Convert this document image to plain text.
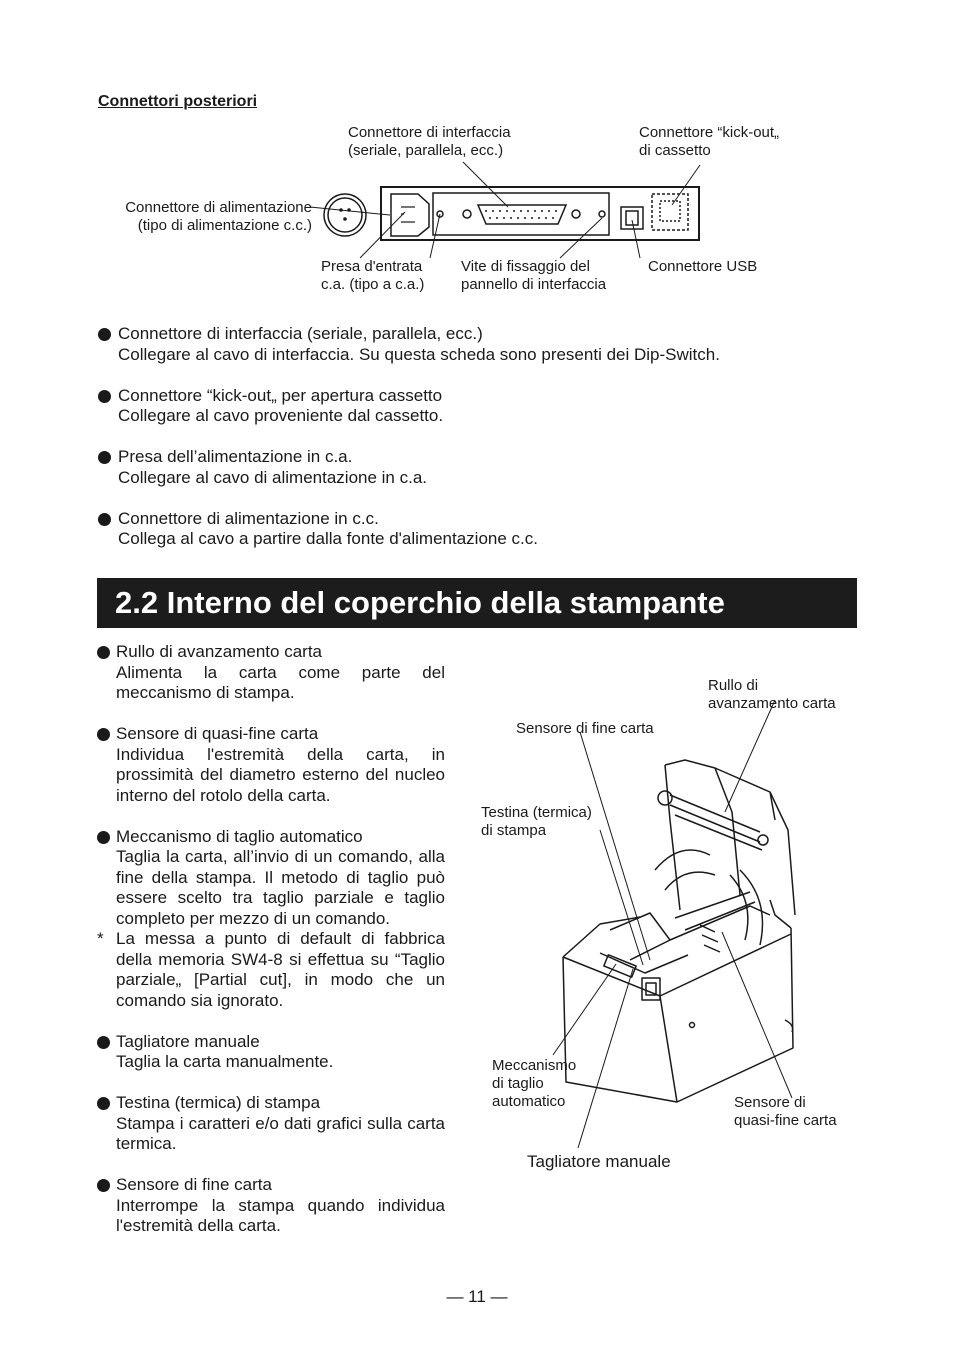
Connettori posteriori
Connettore di interfaccia
(seriale, parallela, ecc.)
Connettore “kick-out„
di cassetto
Connettore di alimentazione
(tipo di alimentazione c.c.)
Presa d'entrata
c.a. (tipo a c.a.)
Vite di fissaggio del
pannello di interfaccia
Connettore USB
Connettore di interfaccia (seriale, parallela, ecc.)
Collegare al cavo di interfaccia. Su questa scheda sono presenti dei Dip-Switch.
Connettore “kick-out„ per apertura cassetto
Collegare al cavo proveniente dal cassetto.
Presa dell’alimentazione in c.a.
Collegare al cavo di alimentazione in c.a.
Connettore di alimentazione in c.c.
Collega al cavo a partire dalla fonte d'alimentazione c.c.
2.2 Interno del coperchio della stampante
Rullo di avanzamento carta
Alimenta la carta come parte del meccanismo di stampa.
Sensore di quasi-fine carta
Individua l'estremità della carta, in prossimità del diametro esterno del nucleo interno del rotolo della carta.
Meccanismo di taglio automatico
Taglia la carta, all’invio di un comando, alla fine della stampa. Il metodo di taglio può essere scelto tra taglio parziale e taglio completo per mezzo di un comando.
* La messa a punto di default di fabbrica della memoria SW4-8 si effettua su “Taglio parziale„ [Partial cut], in modo che un comando sia ignorato.
Tagliatore manuale
Taglia la carta manualmente.
Testina (termica) di stampa
Stampa i caratteri e/o dati grafici sulla carta termica.
Sensore di fine carta
Interrompe la stampa quando individua l'estremità della carta.
Rullo di
avanzamento carta
Sensore di fine carta
Testina (termica)
di stampa
Meccanismo
di taglio
automatico	Sensore di
quasi-fine carta
Tagliatore manuale
— 11 —
